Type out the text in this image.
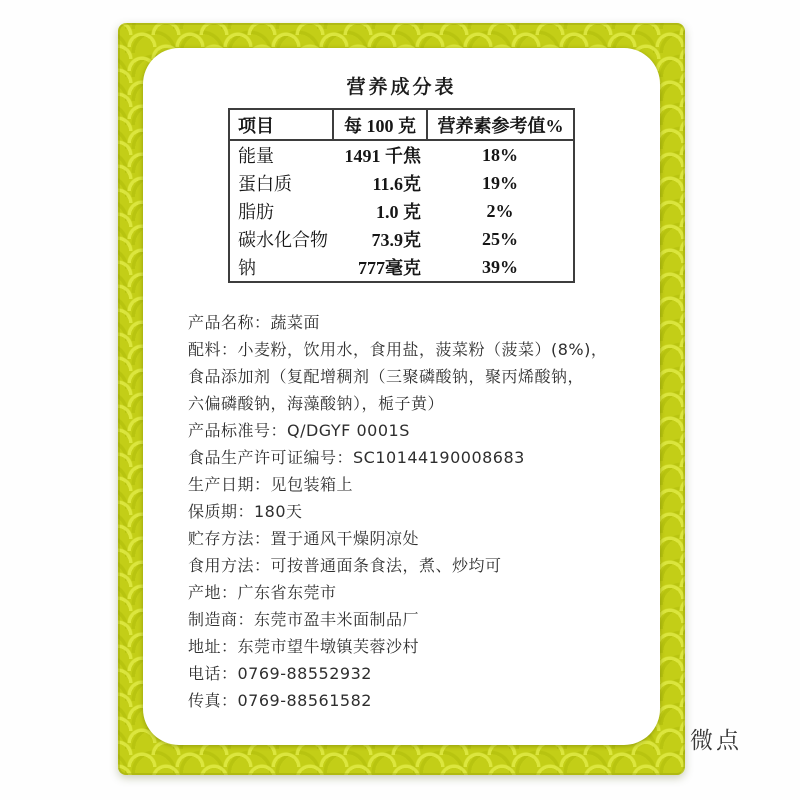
营养成分表
项目	每 100 克	营养素参考值%
能量	1491 千焦	18%
蛋白质	11.6克	19%
脂肪	1.0 克	2%
碳水化合物	73.9克	25%
钠	777毫克	39%
产品名称：蔬菜面
配料：小麦粉，饮用水，食用盐，菠菜粉（菠菜）(8%)，
食品添加剂（复配增稠剂（三聚磷酸钠，聚丙烯酸钠，
六偏磷酸钠，海藻酸钠），栀子黄）
产品标准号：Q/DGYF 0001S
食品生产许可证编号：SC10144190008683
生产日期：见包装箱上
保质期：180天
贮存方法：置于通风干燥阴凉处
食用方法：可按普通面条食法，煮、炒均可
产地：广东省东莞市
制造商：东莞市盈丰米面制品厂
地址：东莞市望牛墩镇芙蓉沙村
电话：0769-88552932
传真：0769-88561582
微点
